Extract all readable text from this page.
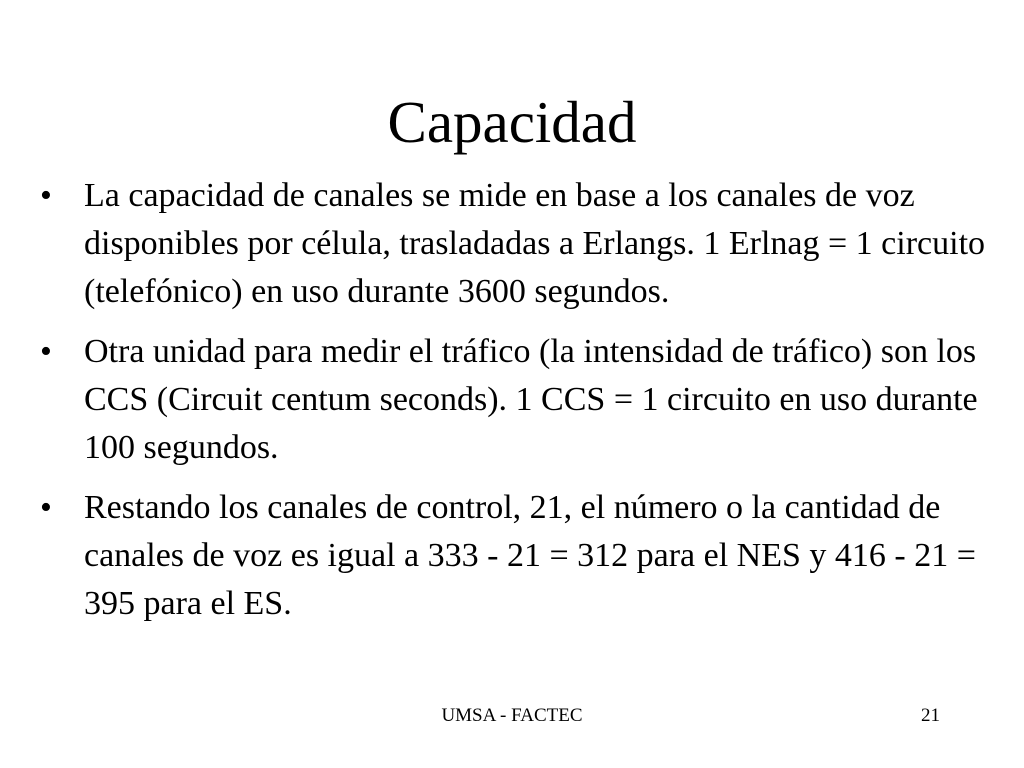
Capacidad
• La capacidad de canales se mide en base a los canales de voz disponibles por célula, trasladadas a Erlangs. 1 Erlnag = 1 circuito (telefónico) en uso durante 3600 segundos.
• Otra unidad para medir el tráfico (la intensidad de tráfico) son los CCS (Circuit centum seconds). 1 CCS = 1 circuito en uso durante 100 segundos.
• Restando los canales de control, 21, el número o la cantidad de canales de voz es igual a 333 - 21 = 312 para el NES y 416 - 21 = 395 para el ES.
UMSA - FACTEC	21
